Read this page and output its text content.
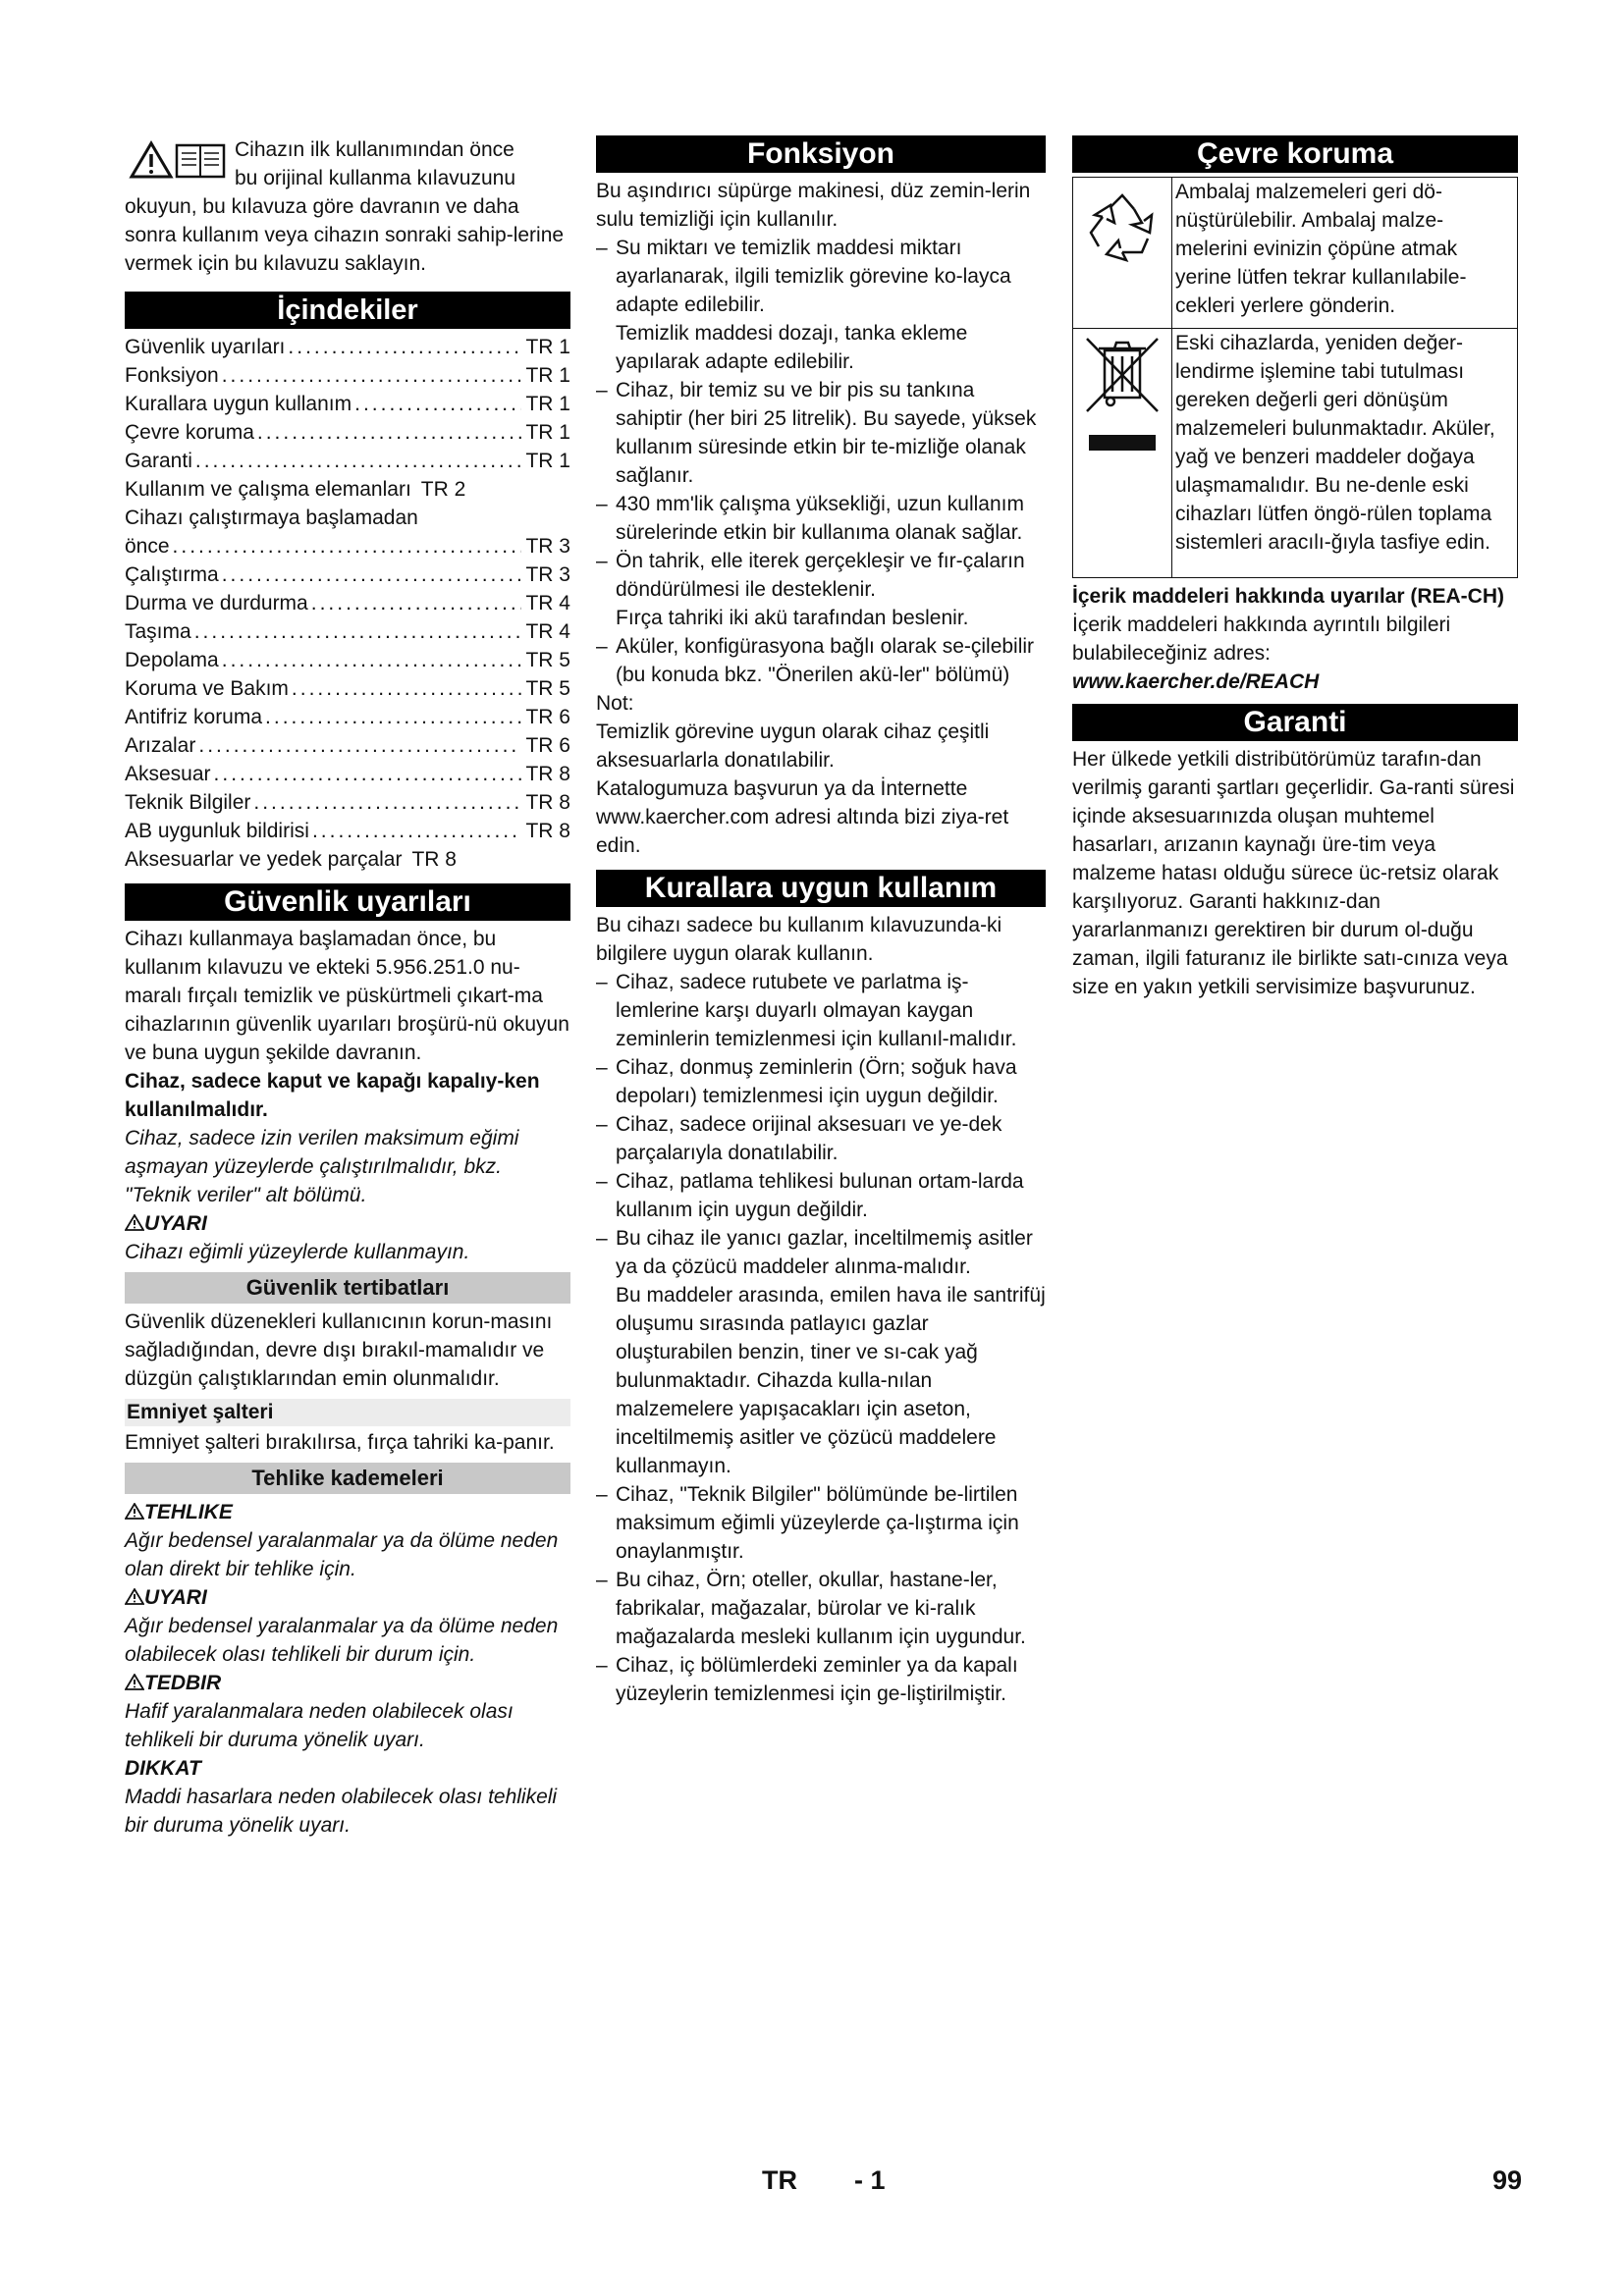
Cihazın ilk kullanımından önce

bu orijinal kullanma kılavuzunu

okuyun, bu kılavuza göre davranın ve daha sonra kullanım veya cihazın sonraki sahip-lerine vermek için bu kılavuzu saklayın.

İçindekiler
Güvenlik uyarıları .....	TR 1
Fonksiyon .....	TR 1
Kurallara uygun kullanım .....	TR 1
Çevre koruma .....	TR 1
Garanti .....	TR 1
Kullanım ve çalışma elemanları TR 2
Cihazı çalıştırmaya başlamadan
önce .....	TR 3
Çalıştırma .....	TR 3
Durma ve durdurma .....	TR 4
Taşıma .....	TR 4
Depolama .....	TR 5
Koruma ve Bakım .....	TR 5
Antifriz koruma .....	TR 6
Arızalar .....	TR 6
Aksesuar .....	TR 8
Teknik Bilgiler .....	TR 8
AB uygunluk bildirisi .....	TR 8
Aksesuarlar ve yedek parçalar TR 8
Güvenlik uyarıları

Cihazı kullanmaya başlamadan önce, bu kullanım kılavuzu ve ekteki 5.956.251.0 nu-maralı fırçalı temizlik ve püskürtmeli çıkart-ma cihazlarının güvenlik uyarıları broşürü-nü okuyun ve buna uygun şekilde davranın.

Cihaz, sadece kaput ve kapağı kapalıy-ken kullanılmalıdır.

Cihaz, sadece izin verilen maksimum eğimi aşmayan yüzeylerde çalıştırılmalıdır, bkz. "Teknik veriler" alt bölümü.

UYARI

Cihazı eğimli yüzeylerde kullanmayın.

Güvenlik tertibatları

Güvenlik düzenekleri kullanıcının korun-masını sağladığından, devre dışı bırakıl-mamalıdır ve düzgün çalıştıklarından emin olunmalıdır.

Emniyet şalteri

Emniyet şalteri bırakılırsa, fırça tahriki ka-panır.

Tehlike kademeleri

TEHLIKE

Ağır bedensel yaralanmalar ya da ölüme neden olan direkt bir tehlike için.

UYARI

Ağır bedensel yaralanmalar ya da ölüme neden olabilecek olası tehlikeli bir durum için.

TEDBIR

Hafif yaralanmalara neden olabilecek olası tehlikeli bir duruma yönelik uyarı.

DIKKAT

Maddi hasarlara neden olabilecek olası tehlikeli bir duruma yönelik uyarı.

Fonksiyon

Bu aşındırıcı süpürge makinesi, düz zemin-lerin sulu temizliği için kullanılır.

– Su miktarı ve temizlik maddesi miktarı ayarlanarak, ilgili temizlik görevine ko-layca adapte edilebilir.

Temizlik maddesi dozajı, tanka ekleme yapılarak adapte edilebilir.

– Cihaz, bir temiz su ve bir pis su tankına sahiptir (her biri 25 litrelik). Bu sayede, yüksek kullanım süresinde etkin bir te-mizliğe olanak sağlanır.
– 430 mm'lik çalışma yüksekliği, uzun kullanım sürelerinde etkin bir kullanıma olanak sağlar.
– Ön tahrik, elle iterek gerçekleşir ve fır-çaların döndürülmesi ile desteklenir.

Fırça tahriki iki akü tarafından beslenir.

– Aküler, konfigürasyona bağlı olarak se-çilebilir (bu konuda bkz. "Önerilen akü-ler" bölümü)

Not:

Temizlik görevine uygun olarak cihaz çeşitli aksesuarlarla donatılabilir.

Katalogumuza başvurun ya da İnternette www.kaercher.com adresi altında bizi ziya-ret edin.

Kurallara uygun kullanım

Bu cihazı sadece bu kullanım kılavuzunda-ki bilgilere uygun olarak kullanın.

– Cihaz, sadece rutubete ve parlatma iş-lemlerine karşı duyarlı olmayan kaygan zeminlerin temizlenmesi için kullanıl-malıdır.
– Cihaz, donmuş zeminlerin (Örn; soğuk hava depoları) temizlenmesi için uygun değildir.
– Cihaz, sadece orijinal aksesuarı ve ye-dek parçalarıyla donatılabilir.
– Cihaz, patlama tehlikesi bulunan ortam-larda kullanım için uygun değildir.
– Bu cihaz ile yanıcı gazlar, inceltilmemiş asitler ya da çözücü maddeler alınma-malıdır.

Bu maddeler arasında, emilen hava ile santrifüj oluşumu sırasında patlayıcı gazlar oluşturabilen benzin, tiner ve sı-cak yağ bulunmaktadır. Cihazda kulla-nılan malzemelere yapışacakları için aseton, inceltilmemiş asitler ve çözücü maddelere kullanmayın.

– Cihaz, "Teknik Bilgiler" bölümünde be-lirtilen maksimum eğimli yüzeylerde ça-lıştırma için onaylanmıştır.
– Bu cihaz, Örn; oteller, okullar, hastane-ler, fabrikalar, mağazalar, bürolar ve ki-ralık mağazalarda mesleki kullanım için uygundur.
– Cihaz, iç bölümlerdeki zeminler ya da kapalı yüzeylerin temizlenmesi için ge-liştirilmiştir.
Çevre koruma
Ambalaj malzemeleri geri dö-nüştürülebilir. Ambalaj malze-melerini evinizin çöpüne atmak yerine lütfen tekrar kullanılabile-cekleri yerlere gönderin.
Eski cihazlarda, yeniden değer-lendirme işlemine tabi tutulması gereken değerli geri dönüşüm malzemeleri bulunmaktadır. Aküler, yağ ve benzeri maddeler doğaya ulaşmamalıdır. Bu ne-denle eski cihazları lütfen öngö-rülen toplama sistemleri aracılı-ğıyla tasfiye edin.

İçerik maddeleri hakkında uyarılar (REA-CH)

İçerik maddeleri hakkında ayrıntılı bilgileri bulabileceğiniz adres:

www.kaercher.de/REACH

Garanti

Her ülkede yetkili distribütörümüz tarafın-dan verilmiş garanti şartları geçerlidir. Ga-ranti süresi içinde aksesuarınızda oluşan muhtemel hasarları, arızanın kaynağı üre-tim veya malzeme hatası olduğu sürece üc-retsiz olarak karşılıyoruz. Garanti hakkınız-dan yararlanmanızı gerektiren bir durum ol-duğu zaman, ilgili faturanız ile birlikte satı-cınıza veya size en yakın yetkili servisimize başvurunuz.

TR - 1	99
